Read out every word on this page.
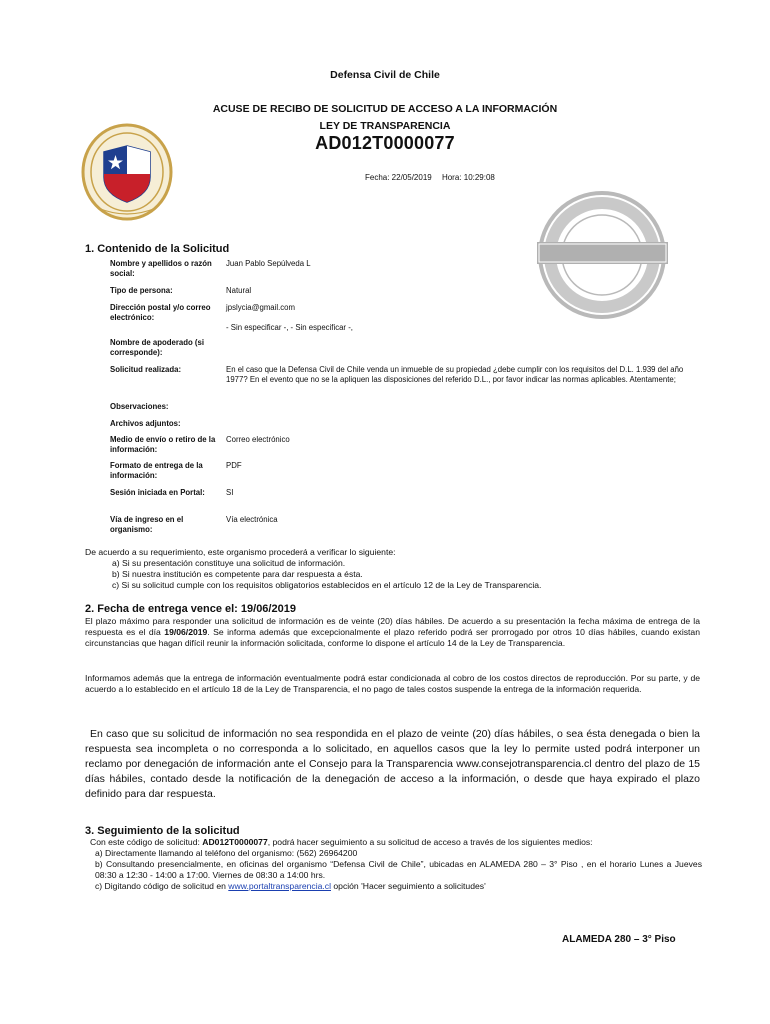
Defensa Civil de Chile
ACUSE DE RECIBO DE SOLICITUD DE ACCESO A LA INFORMACIÓN
LEY DE TRANSPARENCIA
AD012T0000077
Fecha: 22/05/2019 Hora: 10:29:08
1. Contenido de la Solicitud
Nombre y apellidos o razón social:
Juan Pablo Sepúlveda L
Tipo de persona:	Natural
Dirección postal y/o correo electrónico:
jpslycia@gmail.com
- Sin especificar -, - Sin especificar -,
Nombre de apoderado (si corresponde):
Solicitud realizada:	En el caso que la Defensa Civil de Chile venda un inmueble de su propiedad ¿debe cumplir con los requisitos del D.L. 1.939 del año 1977? En el evento que no se la apliquen las disposiciones del referido D.L., por favor indicar las normas aplicables. Atentamente;
Observaciones:
Archivos adjuntos:
Medio de envío o retiro de la información:
Correo electrónico
Formato de entrega de la información:
PDF
Sesión iniciada en Portal:	SI
Vía de ingreso en el organismo:
Vía electrónica
De acuerdo a su requerimiento, este organismo procederá a verificar lo siguiente:
a) Si su presentación constituye una solicitud de información.
b) Si nuestra institución es competente para dar respuesta a ésta.
c) Si su solicitud cumple con los requisitos obligatorios establecidos en el artículo 12 de la Ley de Transparencia.
2. Fecha de entrega vence el: 19/06/2019
El plazo máximo para responder una solicitud de información es de veinte (20) días hábiles. De acuerdo a su presentación la fecha máxima de entrega de la respuesta es el día 19/06/2019. Se informa además que excepcionalmente el plazo referido podrá ser prorrogado por otros 10 días hábiles, cuando existan circunstancias que hagan difícil reunir la información solicitada, conforme lo dispone el artículo 14 de la Ley de Transparencia.
Informamos además que la entrega de información eventualmente podrá estar condicionada al cobro de los costos directos de reproducción. Por su parte, y de acuerdo a lo establecido en el artículo 18 de la Ley de Transparencia, el no pago de tales costos suspende la entrega de la información requerida.
En caso que su solicitud de información no sea respondida en el plazo de veinte (20) días hábiles, o sea ésta denegada o bien la respuesta sea incompleta o no corresponda a lo solicitado, en aquellos casos que la ley lo permite usted podrá interponer un reclamo por denegación de información ante el Consejo para la Transparencia www.consejotransparencia.cl dentro del plazo de 15 días hábiles, contado desde la notificación de la denegación de acceso a la información, o desde que haya expirado el plazo definido para dar respuesta.
3. Seguimiento de la solicitud
Con este código de solicitud: AD012T0000077, podrá hacer seguimiento a su solicitud de acceso a través de los siguientes medios:
a) Directamente llamando al teléfono del organismo: (562) 26964200
b) Consultando presencialmente, en oficinas del organismo “Defensa Civil de Chile”, ubicadas en ALAMEDA 280 – 3° Piso , en el horario Lunes a Jueves 08:30 a 12:30 - 14:00 a 17:00. Viernes de 08:30 a 14:00 hrs.
c) Digitando código de solicitud en www.portaltransparencia.cl opción 'Hacer seguimiento a solicitudes'
ALAMEDA 280 – 3° Piso
